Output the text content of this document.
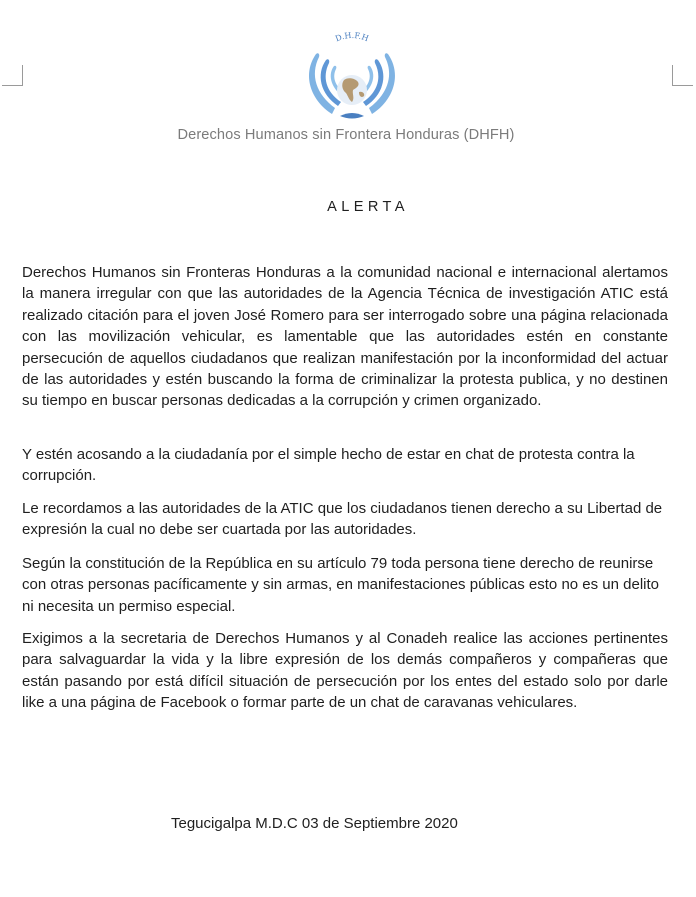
D.H.F.H
Derechos Humanos sin Frontera Honduras (DHFH)
ALERTA

Derechos Humanos sin Fronteras Honduras a la comunidad nacional e internacional alertamos la manera irregular con que las autoridades de la Agencia Técnica de investigación ATIC está realizado citación para el joven José Romero para ser interrogado sobre una página relacionada con las movilización vehicular, es lamentable que las autoridades estén en constante persecución de aquellos ciudadanos que realizan manifestación por la inconformidad del actuar de las autoridades y estén buscando la forma de criminalizar la protesta publica, y no destinen su tiempo en buscar personas dedicadas a la corrupción y crimen organizado.

Y estén acosando a la ciudadanía por el simple hecho de estar en chat de protesta contra la corrupción.

Le recordamos a las autoridades de la ATIC que los ciudadanos tienen derecho a su Libertad de expresión la cual no debe ser cuartada por las autoridades.

Según la constitución de la República en su artículo 79 toda persona tiene derecho de reunirse con otras personas pacíficamente y sin armas, en manifestaciones públicas esto no es un delito ni necesita un permiso especial.

Exigimos a la secretaria de Derechos Humanos y al Conadeh realice las acciones pertinentes para salvaguardar la vida y la libre expresión de los demás compañeros y compañeras que están pasando por está difícil situación de persecución por los entes del estado solo por darle like a una página de Facebook o formar parte de un chat de caravanas vehiculares.

Tegucigalpa M.D.C 03 de Septiembre 2020
